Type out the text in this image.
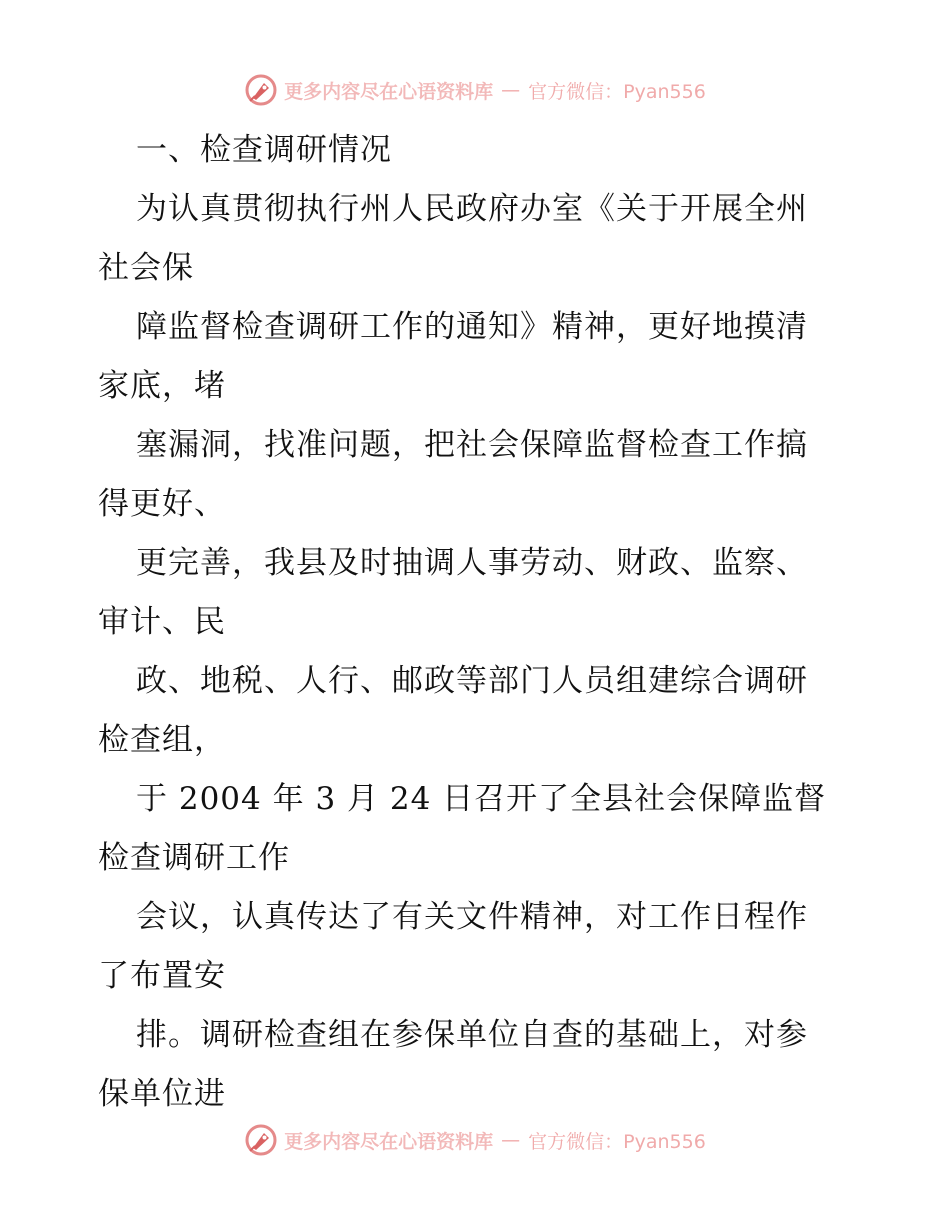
更多内容尽在心语资料库 — 官方微信：Pyan556
一、检查调研情况
为认真贯彻执行州人民政府办室《关于开展全州
社会保
障监督检查调研工作的通知》精神，更好地摸清
家底，堵
塞漏洞，找准问题，把社会保障监督检查工作搞
得更好、
更完善，我县及时抽调人事劳动、财政、监察、
审计、民
政、地税、人行、邮政等部门人员组建综合调研
检查组，
于 2004 年 3 月 24 日召开了全县社会保障监督
检查调研工作
会议，认真传达了有关文件精神，对工作日程作
了布置安
排。调研检查组在参保单位自查的基础上，对参
保单位进
更多内容尽在心语资料库 — 官方微信：Pyan556
